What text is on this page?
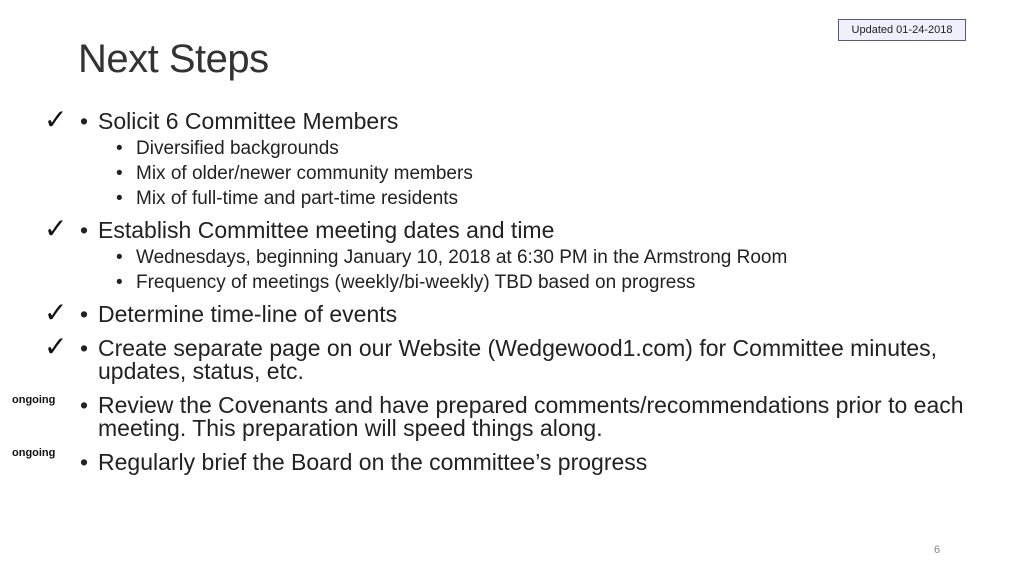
Updated 01-24-2018
Next Steps
✓	• Solicit 6 Committee Members
• Diversified backgrounds
• Mix of older/newer community members
• Mix of full-time and part-time residents
✓	• Establish Committee meeting dates and time
• Wednesdays, beginning January 10, 2018 at 6:30 PM in the Armstrong Room
• Frequency of meetings (weekly/bi-weekly) TBD based on progress
✓	• Determine time-line of events
✓	• Create separate page on our Website (Wedgewood1.com) for Committee minutes, updates, status, etc.
ongoing	• Review the Covenants and have prepared comments/recommendations prior to each meeting. This preparation will speed things along.
ongoing	• Regularly brief the Board on the committee’s progress
6
